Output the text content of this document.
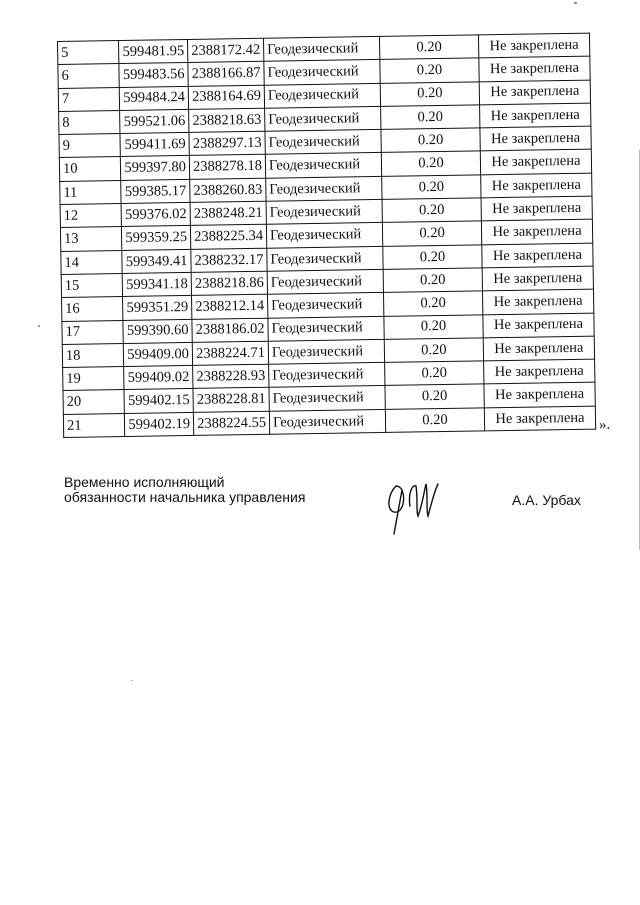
5	599481.95	2388172.42	Геодезический	0.20	Не закреплена
6	599483.56	2388166.87	Геодезический	0.20	Не закреплена
7	599484.24	2388164.69	Геодезический	0.20	Не закреплена
8	599521.06	2388218.63	Геодезический	0.20	Не закреплена
9	599411.69	2388297.13	Геодезический	0.20	Не закреплена
10	599397.80	2388278.18	Геодезический	0.20	Не закреплена
11	599385.17	2388260.83	Геодезический	0.20	Не закреплена
12	599376.02	2388248.21	Геодезический	0.20	Не закреплена
13	599359.25	2388225.34	Геодезический	0.20	Не закреплена
14	599349.41	2388232.17	Геодезический	0.20	Не закреплена
15	599341.18	2388218.86	Геодезический	0.20	Не закреплена
16	599351.29	2388212.14	Геодезический	0.20	Не закреплена
17	599390.60	2388186.02	Геодезический	0.20	Не закреплена
18	599409.00	2388224.71	Геодезический	0.20	Не закреплена
19	599409.02	2388228.93	Геодезический	0.20	Не закреплена
20	599402.15	2388228.81	Геодезический	0.20	Не закреплена
21	599402.19	2388224.55	Геодезический	0.20	Не закреплена ».
Временно исполняющий
обязанности начальника управления	А.А. Урбах
